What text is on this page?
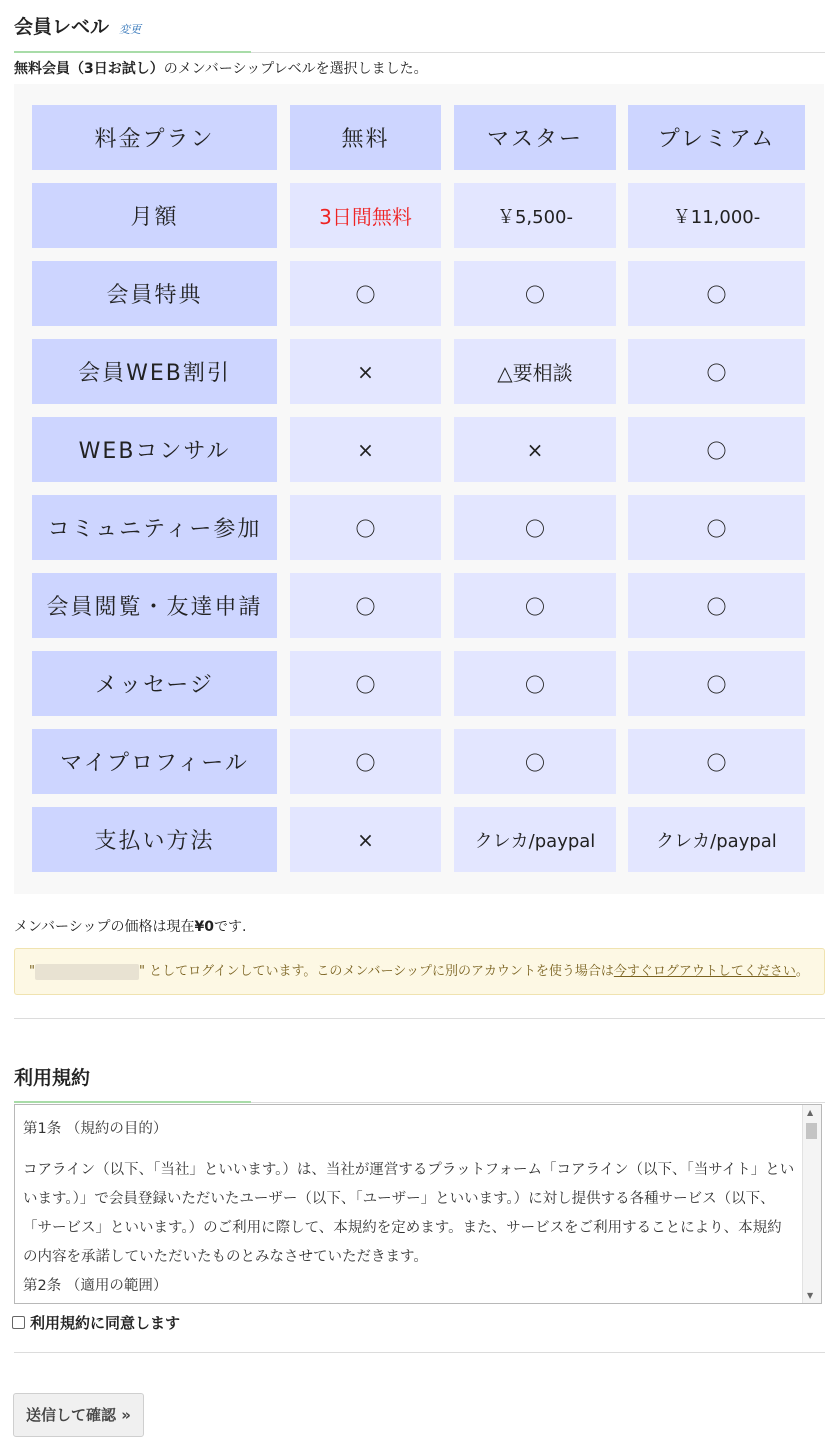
会員レベル 変更
無料会員（3日お試し）のメンバーシップレベルを選択しました。
料金プラン	無料	マスター	プレミアム
月額	3日間無料	￥5,500-	￥11,000-
会員特典	〇	〇	〇
会員WEB割引	×	△要相談	〇
WEBコンサル	×	×	〇
コミュニティー参加	〇	〇	〇
会員閲覧・友達申請	〇	〇	〇
メッセージ	〇	〇	〇
マイプロフィール	〇	〇	〇
支払い方法	×	クレカ/paypal	クレカ/paypal
メンバーシップの価格は現在¥0です.
"	" としてログインしています。このメンバーシップに別のアカウントを使う場合は今すぐログアウトしてください。
利用規約

第1条 （規約の目的）

コアライン（以下、「当社」といいます。）は、当社が運営するプラットフォーム「コアライン（以下、「当サイト」といいます。）」で会員登録いただいたユーザー（以下、「ユーザー」といいます。）に対し提供する各種サービス（以下、「サービス」といいます。）のご利用に際して、本規約を定めます。また、サービスをご利用することにより、本規約の内容を承諾していただいたものとみなさせていただきます。

第2条 （適用の範囲）

▲
▼
利用規約に同意します
送信して確認 »
